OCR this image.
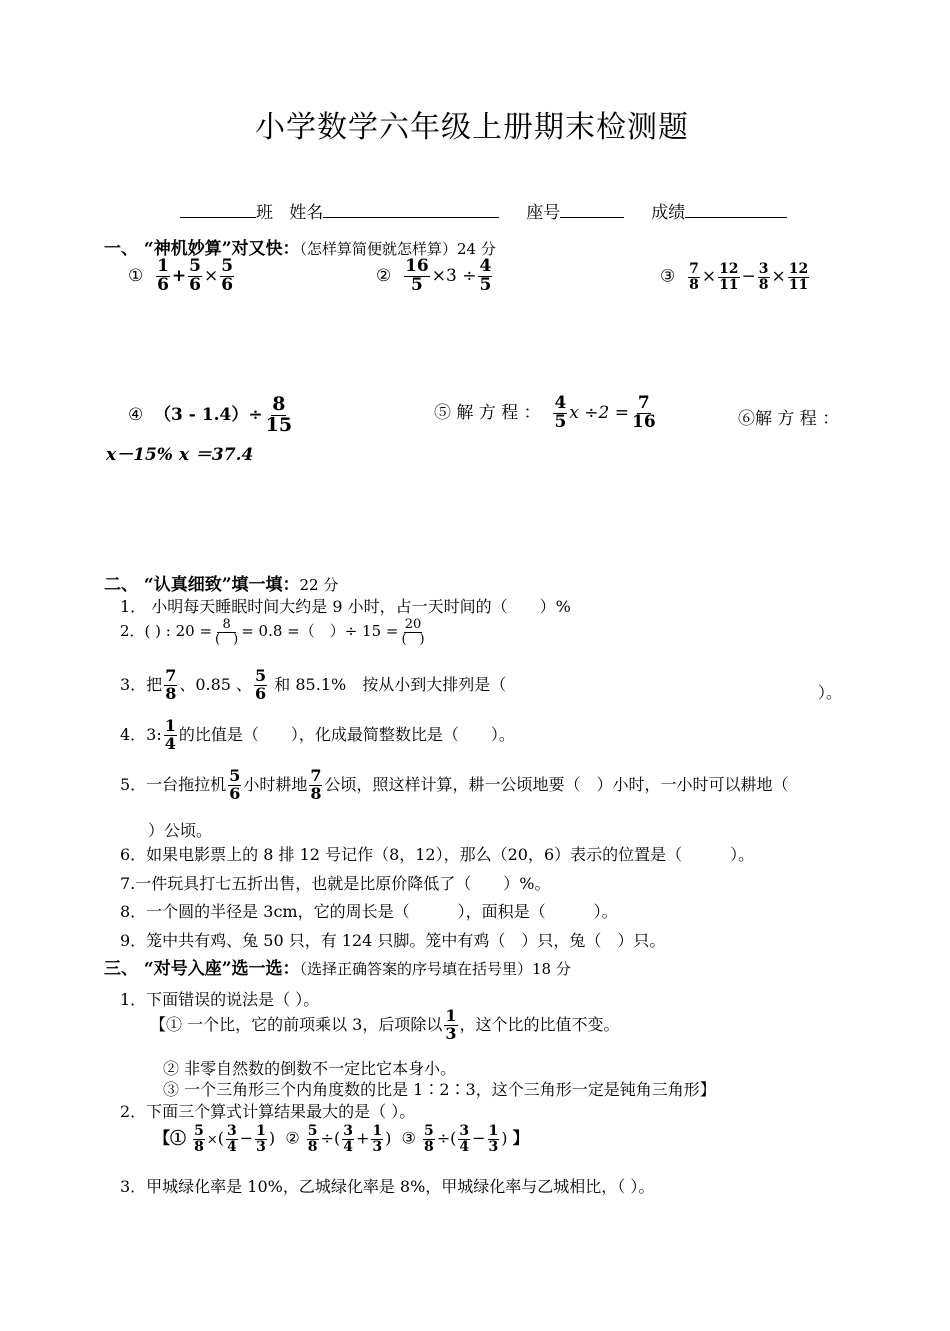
小学数学六年级上册期末检测题
班 姓名	座号	成绩
一、 “神机妙算”对又快：（怎样算简便就怎样算）24 分
① $\frac{1}{6} + \frac{5}{6} \times \frac{5}{6}$	② $\frac{16}{5} \times 3 \div \frac{4}{5}$	③ $\frac{7}{8} \times \frac{12}{11} - \frac{3}{8} \times \frac{12}{11}$
④ $(3 - 1.4)\div \frac{8}{15}$	⑤ 解 方 程 ： $\frac{4}{5}$ $x \div 2 = \frac{7}{16}$	⑥解 方 程 ：
x－15% x ＝37.4
二、 “认真细致”填一填：22 分
1． 小明每天睡眠时间大约是 9 小时，占一天时间的（　　）%
2．( ) : $20 = \frac{8}{( )} = 0.8$ =（　）÷ $15 = \frac{20}{( )}$
3．把 $\frac{7}{8}$ 、0.85 、 $\frac{5}{6}$ 和 85.1%　按从小到大排列是（	）。
4．3: $\frac{1}{4}$ 的比值是（　　），化成最简整数比是（　　）。
5．一台拖拉机 $\frac{5}{6}$ 小时耕地 $\frac{7}{8}$ 公顷，照这样计算，耕一公顷地要（　）小时，一小时可以耕地（
）公顷。
6．如果电影票上的 8 排 12 号记作（8，12），那么（20，6）表示的位置是（　　　）。
7.一件玩具打七五折出售，也就是比原价降低了（　　）%。
8．一个圆的半径是 3cm，它的周长是（　　　），面积是（　　　）。
9．笼中共有鸡、兔 50 只，有 124 只脚。笼中有鸡（　）只，兔（　）只。
三、 “对号入座”选一选：（选择正确答案的序号填在括号里）18 分
1．下面错误的说法是（ ）。
【① 一个比，它的前项乘以 3，后项除以 $\frac{1}{3}$ ，这个比的比值不变。
② 非零自然数的倒数不一定比它本身小。
③ 一个三角形三个内角度数的比是 1∶2∶3，这个三角形一定是钝角三角形】
2．下面三个算式计算结果最大的是（ ）。
【① $\frac{5}{8}$ ×( $\frac{3}{4} - \frac{1}{3}$ )  ② $\frac{5}{8}$ ÷( $\frac{3}{4} + \frac{1}{3}$ )  ③ $\frac{5}{8}$ ÷( $\frac{3}{4} - \frac{1}{3}$ ) 】
3．甲城绿化率是 10%，乙城绿化率是 8%，甲城绿化率与乙城相比，（ ）。
